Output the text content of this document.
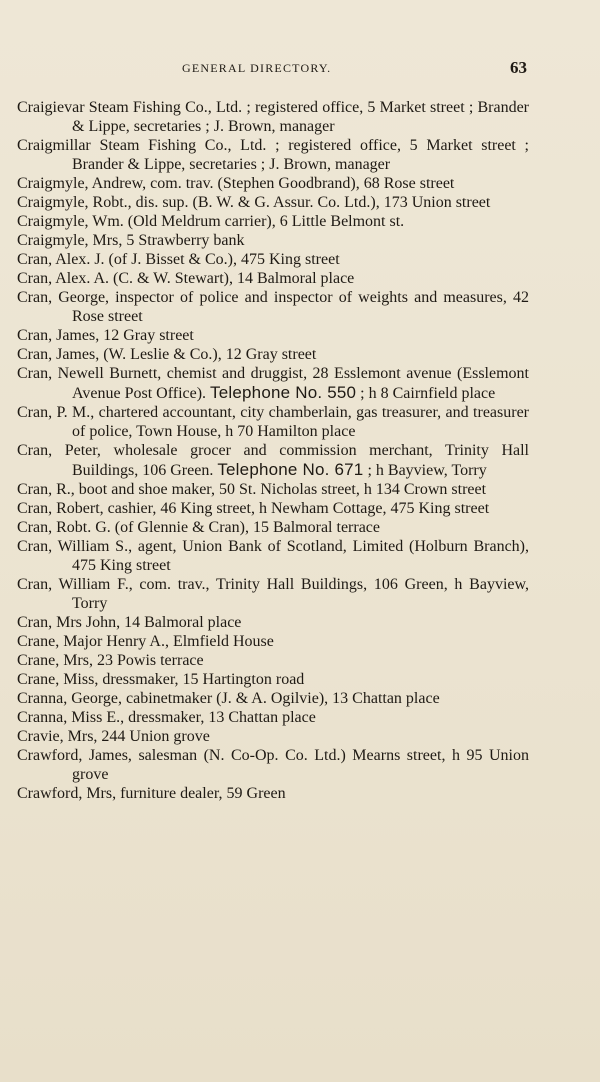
GENERAL DIRECTORY.	63
Craigievar Steam Fishing Co., Ltd. ; registered office, 5 Market street ; Brander & Lippe, secretaries ; J. Brown, manager
Craigmillar Steam Fishing Co., Ltd. ; registered office, 5 Market street ; Brander & Lippe, secretaries ; J. Brown, manager
Craigmyle, Andrew, com. trav. (Stephen Goodbrand), 68 Rose street
Craigmyle, Robt., dis. sup. (B. W. & G. Assur. Co. Ltd.), 173 Union street
Craigmyle, Wm. (Old Meldrum carrier), 6 Little Belmont st.
Craigmyle, Mrs, 5 Strawberry bank
Cran, Alex. J. (of J. Bisset & Co.), 475 King street
Cran, Alex. A. (C. & W. Stewart), 14 Balmoral place
Cran, George, inspector of police and inspector of weights and measures, 42 Rose street
Cran, James, 12 Gray street
Cran, James, (W. Leslie & Co.), 12 Gray street
Cran, Newell Burnett, chemist and druggist, 28 Esslemont avenue (Esslemont Avenue Post Office). Telephone No. 550 ; h 8 Cairnfield place
Cran, P. M., chartered accountant, city chamberlain, gas treasurer, and treasurer of police, Town House, h 70 Hamilton place
Cran, Peter, wholesale grocer and commission merchant, Trinity Hall Buildings, 106 Green. Telephone No. 671 ; h Bayview, Torry
Cran, R., boot and shoe maker, 50 St. Nicholas street, h 134 Crown street
Cran, Robert, cashier, 46 King street, h Newham Cottage, 475 King street
Cran, Robt. G. (of Glennie & Cran), 15 Balmoral terrace
Cran, William S., agent, Union Bank of Scotland, Limited (Holburn Branch), 475 King street
Cran, William F., com. trav., Trinity Hall Buildings, 106 Green, h Bayview, Torry
Cran, Mrs John, 14 Balmoral place
Crane, Major Henry A., Elmfield House
Crane, Mrs, 23 Powis terrace
Crane, Miss, dressmaker, 15 Hartington road
Cranna, George, cabinetmaker (J. & A. Ogilvie), 13 Chattan place
Cranna, Miss E., dressmaker, 13 Chattan place
Cravie, Mrs, 244 Union grove
Crawford, James, salesman (N. Co-Op. Co. Ltd.) Mearns street, h 95 Union grove
Crawford, Mrs, furniture dealer, 59 Green
